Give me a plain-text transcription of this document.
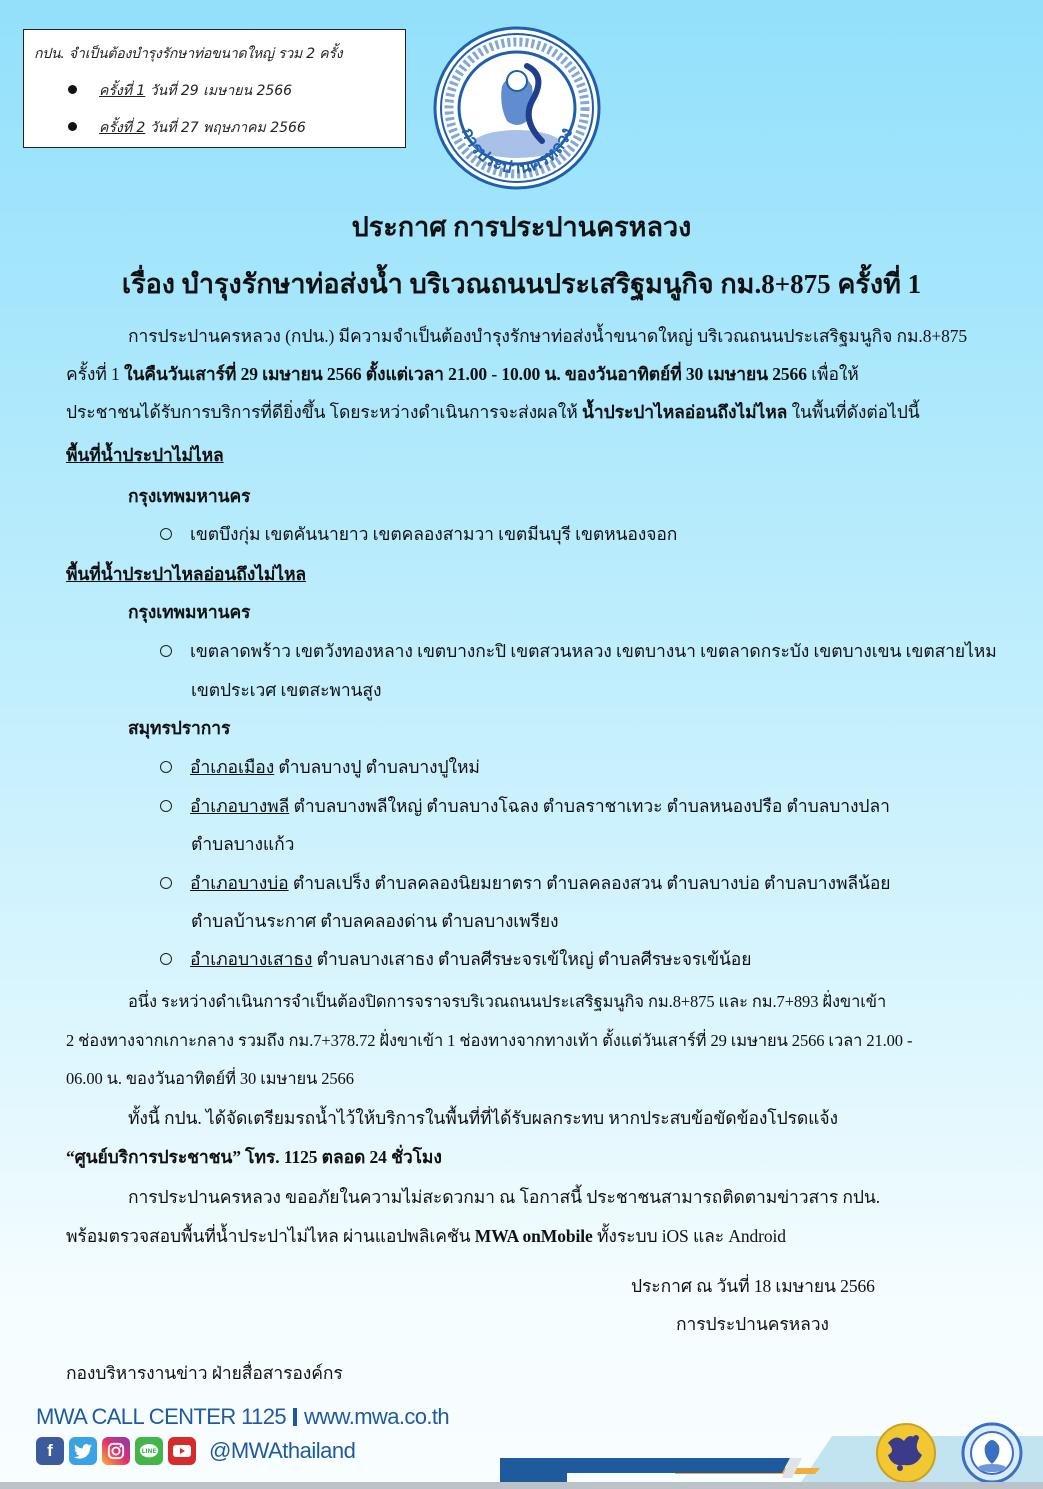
กปน. จำเป็นต้องบำรุงรักษาท่อขนาดใหญ่ รวม 2 ครั้ง
ครั้งที่ 1 วันที่ 29 เมษายน 2566
ครั้งที่ 2 วันที่ 27 พฤษภาคม 2566	การประปานครหลวง
ประกาศ การประปานครหลวง
เรื่อง บำรุงรักษาท่อส่งน้ำ บริเวณถนนประเสริฐมนูกิจ กม.8+875 ครั้งที่ 1
การประปานครหลวง (กปน.) มีความจำเป็นต้องบำรุงรักษาท่อส่งน้ำขนาดใหญ่ บริเวณถนนประเสริฐมนูกิจ กม.8+875
ครั้งที่ 1 ในคืนวันเสาร์ที่ 29 เมษายน 2566 ตั้งแต่เวลา 21.00 - 10.00 น. ของวันอาทิตย์ที่ 30 เมษายน 2566 เพื่อให้
ประชาชนได้รับการบริการที่ดียิ่งขึ้น โดยระหว่างดำเนินการจะส่งผลให้ น้ำประปาไหลอ่อนถึงไม่ไหล ในพื้นที่ดังต่อไปนี้
พื้นที่น้ำประปาไม่ไหล
กรุงเทพมหานคร
เขตบึงกุ่ม เขตคันนายาว เขตคลองสามวา เขตมีนบุรี เขตหนองจอก
พื้นที่น้ำประปาไหลอ่อนถึงไม่ไหล
กรุงเทพมหานคร
เขตลาดพร้าว เขตวังทองหลาง เขตบางกะปิ เขตสวนหลวง เขตบางนา เขตลาดกระบัง เขตบางเขน เขตสายไหม
เขตประเวศ เขตสะพานสูง
สมุทรปราการ
อำเภอเมือง ตำบลบางปู ตำบลบางปูใหม่
อำเภอบางพลี ตำบลบางพลีใหญ่ ตำบลบางโฉลง ตำบลราชาเทวะ ตำบลหนองปรือ ตำบลบางปลา
ตำบลบางแก้ว
อำเภอบางบ่อ ตำบลเปร็ง ตำบลคลองนิยมยาตรา ตำบลคลองสวน ตำบลบางบ่อ ตำบลบางพลีน้อย
ตำบลบ้านระกาศ ตำบลคลองด่าน ตำบลบางเพรียง
อำเภอบางเสาธง ตำบลบางเสาธง ตำบลศีรษะจรเข้ใหญ่ ตำบลศีรษะจรเข้น้อย
อนึ่ง ระหว่างดำเนินการจำเป็นต้องปิดการจราจรบริเวณถนนประเสริฐมนูกิจ กม.8+875 และ กม.7+893 ฝั่งขาเข้า
2 ช่องทางจากเกาะกลาง รวมถึง กม.7+378.72 ฝั่งขาเข้า 1 ช่องทางจากทางเท้า ตั้งแต่วันเสาร์ที่ 29 เมษายน 2566 เวลา 21.00 -
06.00 น. ของวันอาทิตย์ที่ 30 เมษายน 2566
ทั้งนี้ กปน. ได้จัดเตรียมรถน้ำไว้ให้บริการในพื้นที่ที่ได้รับผลกระทบ หากประสบข้อขัดข้องโปรดแจ้ง
“ศูนย์บริการประชาชน” โทร. 1125 ตลอด 24 ชั่วโมง
การประปานครหลวง ขออภัยในความไม่สะดวกมา ณ โอกาสนี้ ประชาชนสามารถติดตามข่าวสาร กปน.
พร้อมตรวจสอบพื้นที่น้ำประปาไม่ไหล ผ่านแอปพลิเคชัน MWA onMobile ทั้งระบบ iOS และ Android
ประกาศ ณ วันที่ 18 เมษายน 2566
การประปานครหลวง
กองบริหารงานข่าว ฝ่ายสื่อสารองค์กร
MWA CALL CENTER 1125 www.mwa.co.th
f	LINE @MWAthailand
